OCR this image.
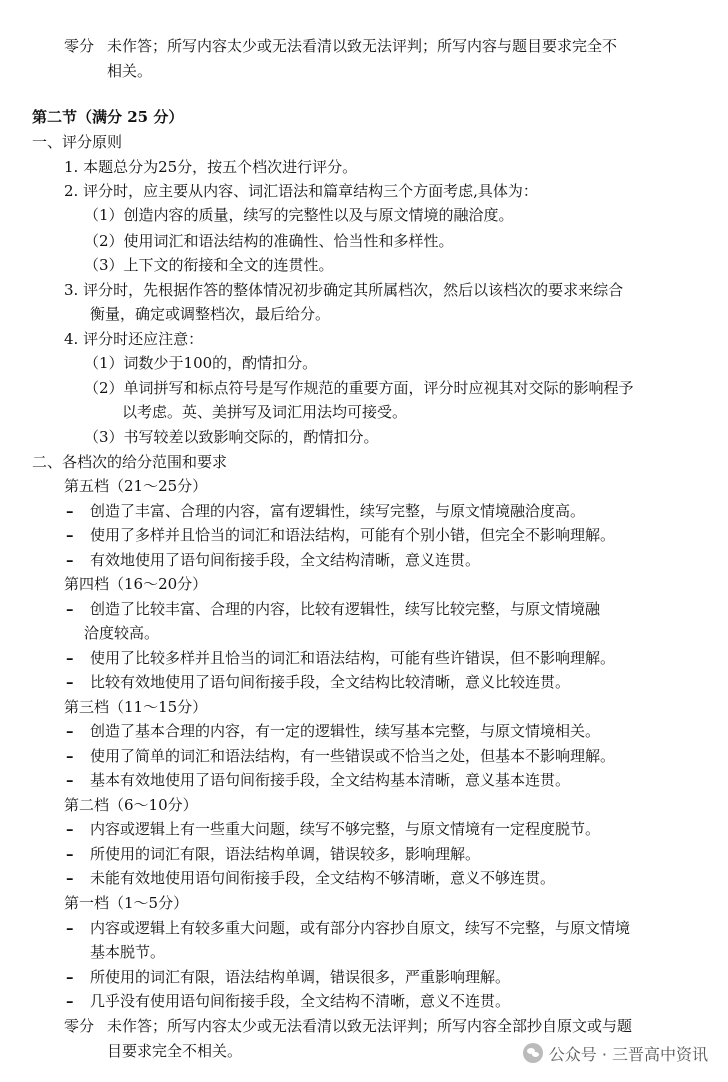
零分 未作答；所写内容太少或无法看清以致无法评判；所写内容与题目要求完全不
相关。
第二节（满分 25 分）
一、评分原则
1. 本题总分为25分，按五个档次进行评分。
2. 评分时，应主要从内容、词汇语法和篇章结构三个方面考虑,具体为：
（1）创造内容的质量，续写的完整性以及与原文情境的融洽度。
（2）使用词汇和语法结构的准确性、恰当性和多样性。
（3）上下文的衔接和全文的连贯性。
3. 评分时，先根据作答的整体情况初步确定其所属档次，然后以该档次的要求来综合
衡量，确定或调整档次，最后给分。
4. 评分时还应注意：
（1）词数少于100的，酌情扣分。
（2）单词拼写和标点符号是写作规范的重要方面，评分时应视其对交际的影响程予
以考虑。英、美拼写及词汇用法均可接受。
（3）书写较差以致影响交际的，酌情扣分。
二、各档次的给分范围和要求
第五档（21～25分）
– 创造了丰富、合理的内容，富有逻辑性，续写完整，与原文情境融洽度高。
– 使用了多样并且恰当的词汇和语法结构，可能有个别小错，但完全不影响理解。
– 有效地使用了语句间衔接手段，全文结构清晰，意义连贯。
第四档（16～20分）
– 创造了比较丰富、合理的内容，比较有逻辑性，续写比较完整，与原文情境融
洽度较高。
– 使用了比较多样并且恰当的词汇和语法结构，可能有些许错误，但不影响理解。
– 比较有效地使用了语句间衔接手段，全文结构比较清晰，意义比较连贯。
第三档（11～15分）
– 创造了基本合理的内容，有一定的逻辑性，续写基本完整，与原文情境相关。
– 使用了简单的词汇和语法结构，有一些错误或不恰当之处，但基本不影响理解。
– 基本有效地使用了语句间衔接手段，全文结构基本清晰，意义基本连贯。
第二档（6～10分）
– 内容或逻辑上有一些重大问题，续写不够完整，与原文情境有一定程度脱节。
– 所使用的词汇有限，语法结构单调，错误较多，影响理解。
– 未能有效地使用语句间衔接手段，全文结构不够清晰，意义不够连贯。
第一档（1～5分）
– 内容或逻辑上有较多重大问题，或有部分内容抄自原文，续写不完整，与原文情境
基本脱节。
– 所使用的词汇有限，语法结构单调，错误很多，严重影响理解。
– 几乎没有使用语句间衔接手段，全文结构不清晰，意义不连贯。
零分 未作答；所写内容太少或无法看清以致无法评判；所写内容全部抄自原文或与题
目要求完全不相关。	公众号 · 三晋高中资讯
